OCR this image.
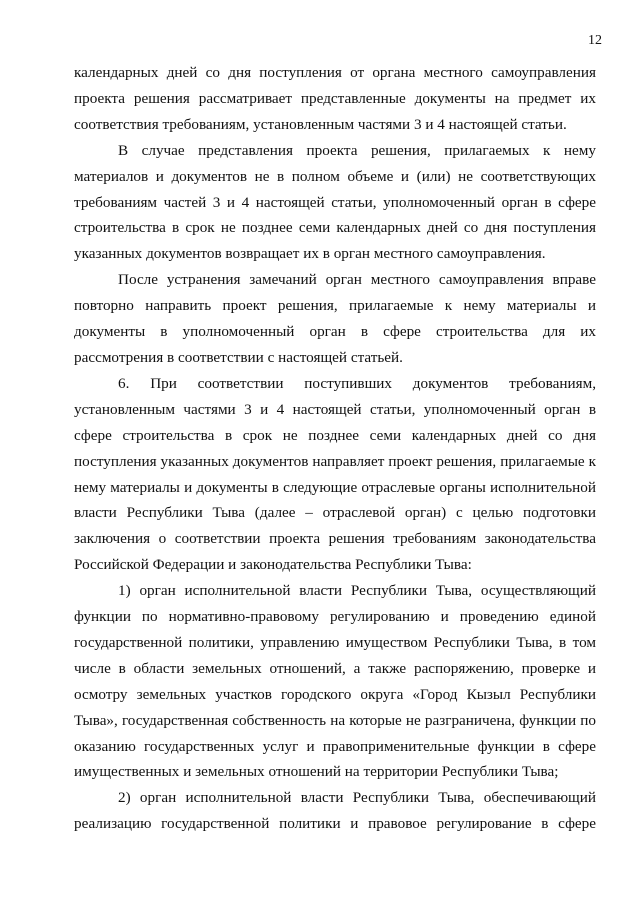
12

календарных дней со дня поступления от органа местного самоуправления проекта решения рассматривает представленные документы на предмет их соответствия требованиям, установленным частями 3 и 4 настоящей статьи.

В случае представления проекта решения, прилагаемых к нему материалов и документов не в полном объеме и (или) не соответствующих требованиям частей 3 и 4 настоящей статьи, уполномоченный орган в сфере строительства в срок не позднее семи календарных дней со дня поступления указанных документов возвращает их в орган местного самоуправления.

После устранения замечаний орган местного самоуправления вправе повторно направить проект решения, прилагаемые к нему материалы и документы в уполномоченный орган в сфере строительства для их рассмотрения в соответствии с настоящей статьей.

6. При соответствии поступивших документов требованиям, установленным частями 3 и 4 настоящей статьи, уполномоченный орган в сфере строительства в срок не позднее семи календарных дней со дня поступления указанных документов направляет проект решения, прилагаемые к нему материалы и документы в следующие отраслевые органы исполнительной власти Республики Тыва (далее – отраслевой орган) с целью подготовки заключения о соответствии проекта решения требованиям законодательства Российской Федерации и законодательства Республики Тыва:

1) орган исполнительной власти Республики Тыва, осуществляющий функции по нормативно-правовому регулированию и проведению единой государственной политики, управлению имуществом Республики Тыва, в том числе в области земельных отношений, а также распоряжению, проверке и осмотру земельных участков городского округа «Город Кызыл Республики Тыва», государственная собственность на которые не разграничена, функции по оказанию государственных услуг и правоприменительные функции в сфере имущественных и земельных отношений на территории Республики Тыва;

2) орган исполнительной власти Республики Тыва, обеспечивающий реализацию государственной политики и правовое регулирование в сфере
